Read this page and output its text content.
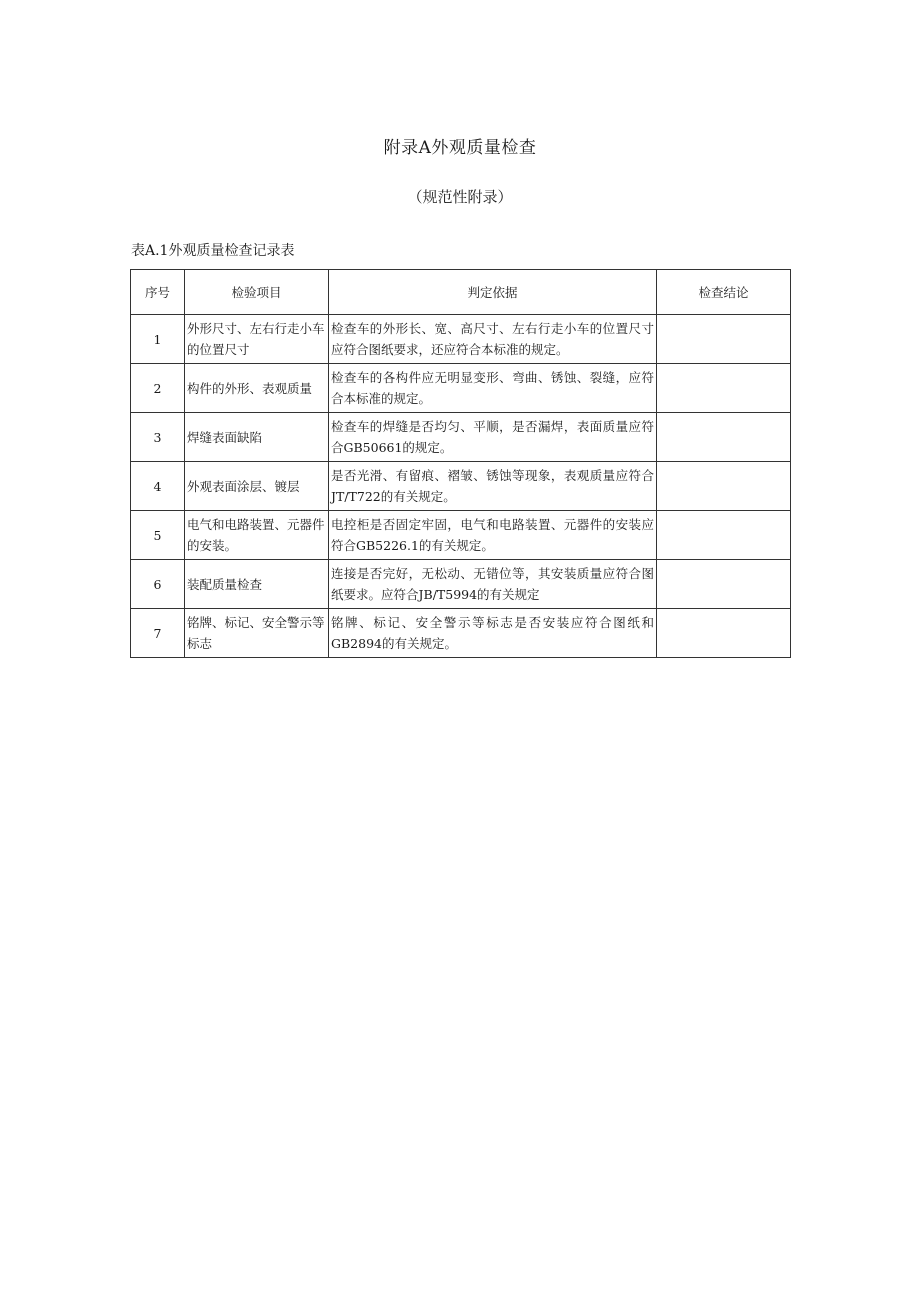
附录A外观质量检查
（规范性附录）
表A.1外观质量检查记录表
序号	检验项目	判定依据	检查结论
1	外形尺寸、左右行走小车的位置尺寸	检查车的外形长、宽、高尺寸、左右行走小车的位置尺寸应符合图纸要求，还应符合本标准的规定。	
2	构件的外形、表观质量	检查车的各构件应无明显变形、弯曲、锈蚀、裂缝，应符合本标准的规定。	
3	焊缝表面缺陷	检查车的焊缝是否均匀、平顺，是否漏焊，表面质量应符合GB50661的规定。	
4	外观表面涂层、镀层	是否光滑、有留痕、褶皱、锈蚀等现象，表观质量应符合JT/T722的有关规定。	
5	电气和电路装置、元器件的安装。	电控柜是否固定牢固，电气和电路装置、元器件的安装应符合GB5226.1的有关规定。	
6	装配质量检查	连接是否完好，无松动、无错位等，其安装质量应符合图纸要求。应符合JB/T5994的有关规定	
7	铭牌、标记、安全警示等标志	铭牌、标记、安全警示等标志是否安装应符合图纸和GB2894的有关规定。	
